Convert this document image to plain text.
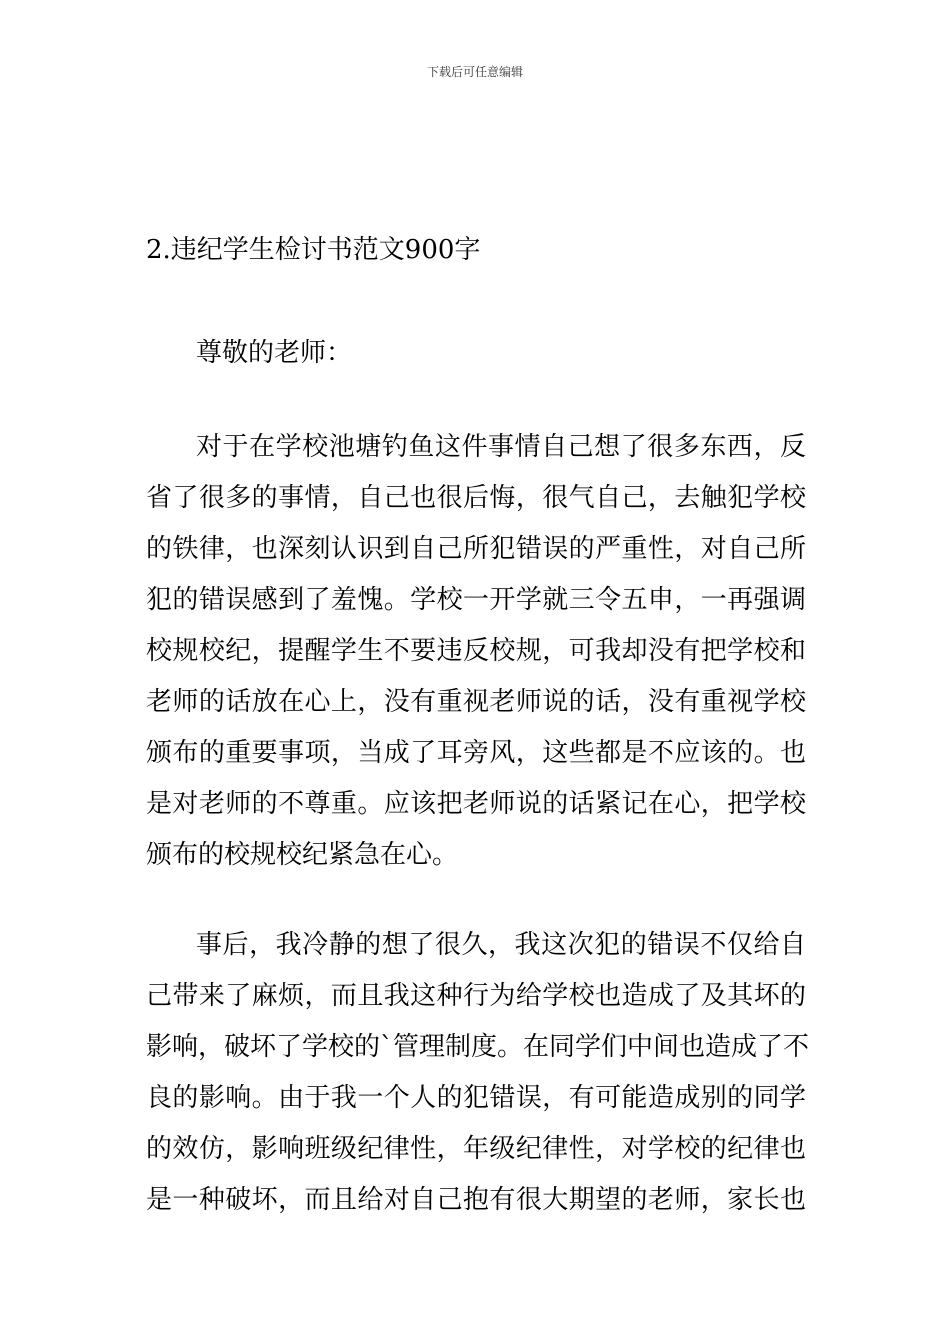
下载后可任意编辑
2.违纪学生检讨书范文900字
尊敬的老师：
对于在学校池塘钓鱼这件事情自己想了很多东西，反
省了很多的事情，自己也很后悔，很气自己，去触犯学校
的铁律，也深刻认识到自己所犯错误的严重性，对自己所
犯的错误感到了羞愧。学校一开学就三令五申，一再强调
校规校纪，提醒学生不要违反校规，可我却没有把学校和
老师的话放在心上，没有重视老师说的话，没有重视学校
颁布的重要事项，当成了耳旁风，这些都是不应该的。也
是对老师的不尊重。应该把老师说的话紧记在心，把学校
颁布的校规校纪紧急在心。
事后，我冷静的想了很久，我这次犯的错误不仅给自
己带来了麻烦，而且我这种行为给学校也造成了及其坏的
影响，破坏了学校的`管理制度。在同学们中间也造成了不
良的影响。由于我一个人的犯错误，有可能造成别的同学
的效仿，影响班级纪律性，年级纪律性，对学校的纪律也
是一种破坏，而且给对自己抱有很大期望的老师，家长也
